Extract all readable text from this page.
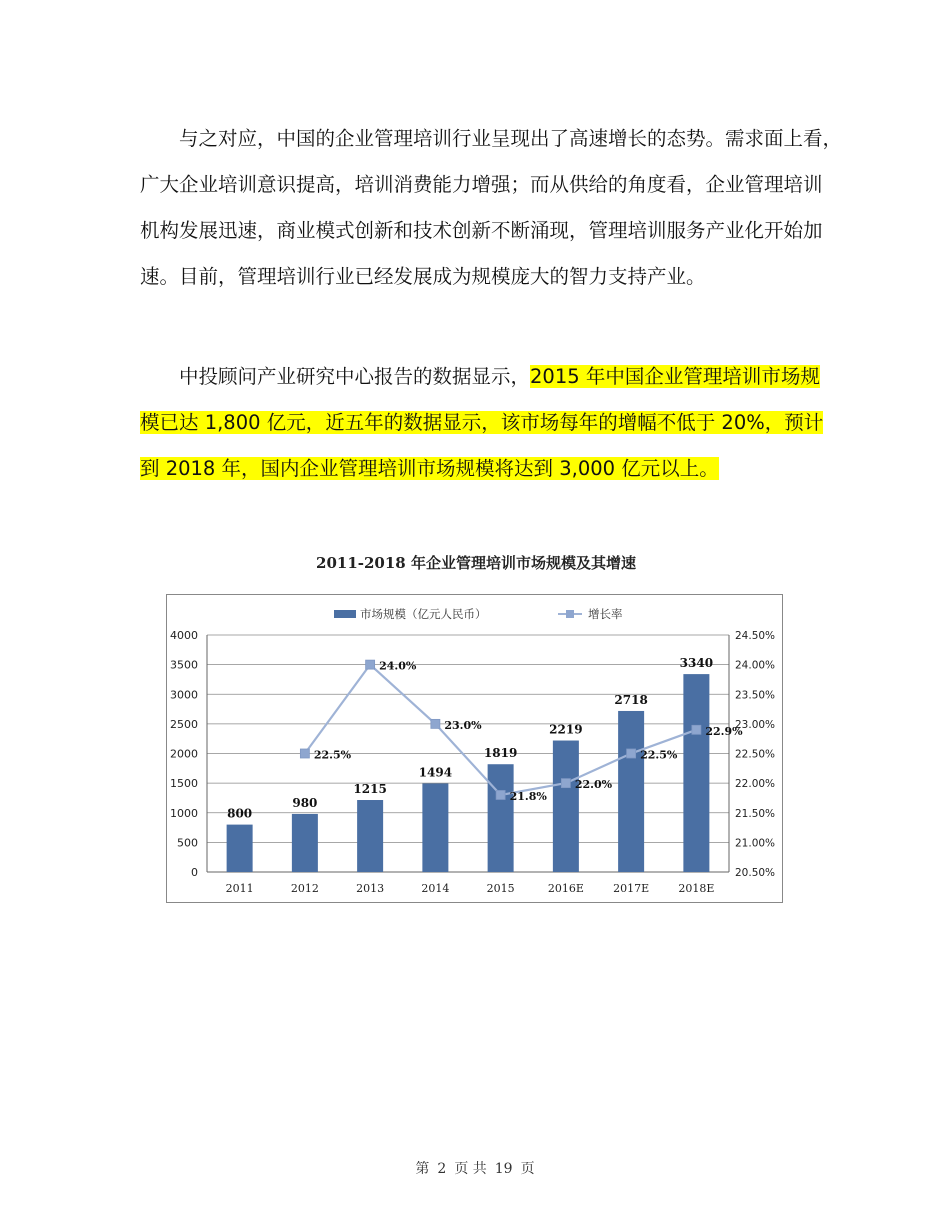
与之对应，中国的企业管理培训行业呈现出了高速增长的态势。需求面上看，
广大企业培训意识提高，培训消费能力增强；而从供给的角度看，企业管理培训
机构发展迅速，商业模式创新和技术创新不断涌现，管理培训服务产业化开始加
速。目前，管理培训行业已经发展成为规模庞大的智力支持产业。
中投顾问产业研究中心报告的数据显示，2015 年中国企业管理培训市场规
模已达 1,800 亿元，近五年的数据显示，该市场每年的增幅不低于 20%，预计
到 2018 年，国内企业管理培训市场规模将达到 3,000 亿元以上。
2011-2018 年企业管理培训市场规模及其增速
0
500
1000
1500
2000
2500
3000
3500
4000
20.50%
21.00%
21.50%
22.00%
22.50%
23.00%
23.50%
24.00%
24.50%
2011	2012	2013	2014	2015	2016E	2017E	2018E
800
980
1215
1494
1819
2219
2718
3340
22.5%
24.0%
23.0%
21.8%
22.0%
22.5%
22.9%
市场规模（亿元人民币）	增长率
第 2 页 共 19 页
